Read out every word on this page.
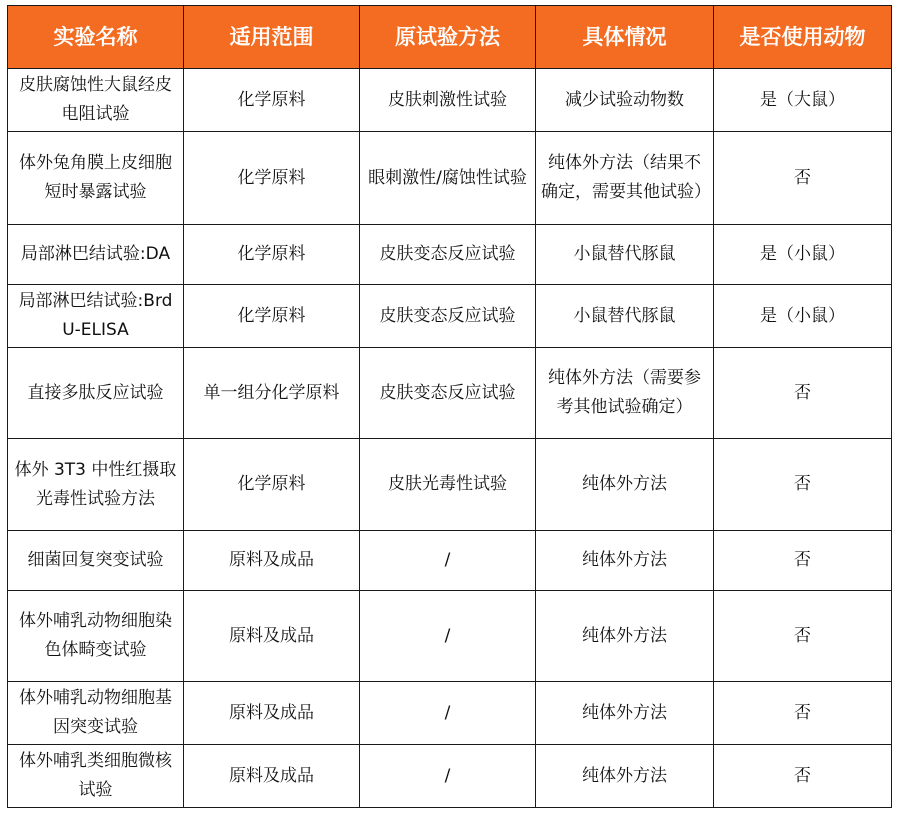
实验名称	适用范围	原试验方法	具体情况	是否使用动物
皮肤腐蚀性大鼠经皮电阻试验	化学原料	皮肤刺激性试验	减少试验动物数	是（大鼠）
体外兔角膜上皮细胞短时暴露试验	化学原料	眼刺激性/腐蚀性试验	纯体外方法（结果不确定，需要其他试验）	否
局部淋巴结试验:DA	化学原料	皮肤变态反应试验	小鼠替代豚鼠	是（小鼠）
局部淋巴结试验:BrdU-ELISA	化学原料	皮肤变态反应试验	小鼠替代豚鼠	是（小鼠）
直接多肽反应试验	单一组分化学原料	皮肤变态反应试验	纯体外方法（需要参考其他试验确定）	否
体外 3T3 中性红摄取光毒性试验方法	化学原料	皮肤光毒性试验	纯体外方法	否
细菌回复突变试验	原料及成品	/	纯体外方法	否
体外哺乳动物细胞染色体畸变试验	原料及成品	/	纯体外方法	否
体外哺乳动物细胞基因突变试验	原料及成品	/	纯体外方法	否
体外哺乳类细胞微核试验	原料及成品	/	纯体外方法	否
